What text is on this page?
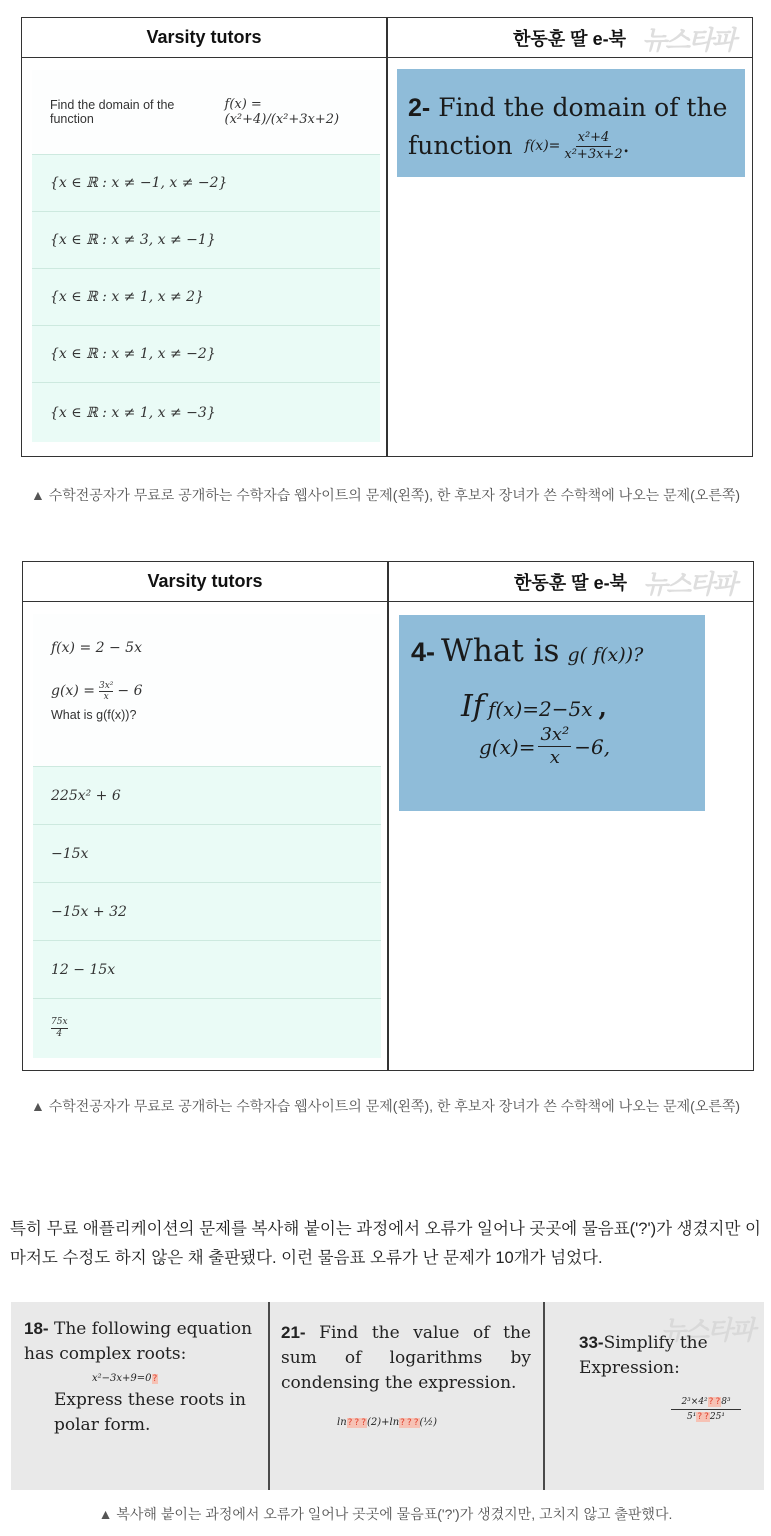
Varsity tutors	한동훈 딸 e-북 뉴스타파
Find the domain of the function

f(x) = (x²+4)/(x²+3x+2)
{x ∈ ℝ : x ≠ −1, x ≠ −2}
{x ∈ ℝ : x ≠ 3, x ≠ −1}
{x ∈ ℝ : x ≠ 1, x ≠ 2}
{x ∈ ℝ : x ≠ 1, x ≠ −2}
{x ∈ ℝ : x ≠ 1, x ≠ −3}
2- Find the domain of the
function $f(x)= \frac{\text{x²+4}}{\text{x²+3x+2}}$ .
▲ 수학전공자가 무료로 공개하는 수학자습 웹사이트의 문제(왼쪽), 한 후보자 장녀가 쓴 수학책에 나오는 문제(오른쪽)
Varsity tutors	한동훈 딸 e-북 뉴스타파
f(x) = 2 − 5x
$g(x) = \frac{\text{3x²}}{x} - 6$
What is g(f(x))?
225x² + 6
−15x
−15x + 32
12 − 15x
$\frac{75x}{4}$
4- What is g( f(x))?
If f(x)=2−5x ,
$g(x)= \frac{\text{3x²}}{x} -6$,
▲ 수학전공자가 무료로 공개하는 수학자습 웹사이트의 문제(왼쪽), 한 후보자 장녀가 쓴 수학책에 나오는 문제(오른쪽)

특히 무료 애플리케이션의 문제를 복사해 붙이는 과정에서 오류가 일어나 곳곳에 물음표('?')가 생겼지만 이마저도 수정도 하지 않은 채 출판됐다. 이런 물음표 오류가 난 문제가 10개가 넘었다.

뉴스타파
18- The following equation has complex roots:
x²−3x+9=0?
Express these roots in polar form.
21- Find the value of the sum of logarithms by condensing the expression.
ln? ? ?(2)+ln? ? ?(½)
33-Simplify the Expression:
2³×4²? ?8³
5¹? ?25¹
▲ 복사해 붙이는 과정에서 오류가 일어나 곳곳에 물음표('?')가 생겼지만, 고치지 않고 출판했다.
